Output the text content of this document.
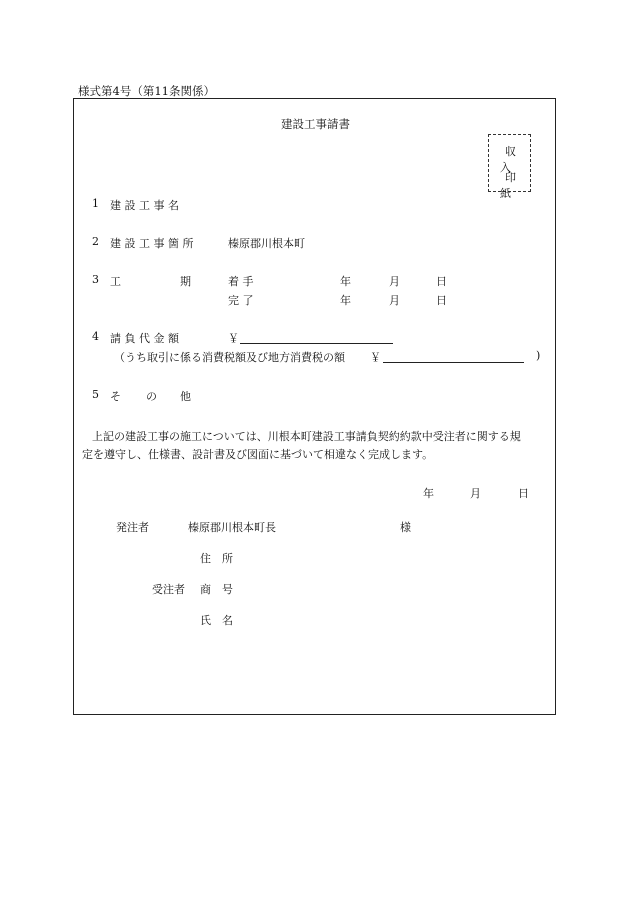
様式第4号（第11条関係）
建設工事請書
収入
印紙
1 建 設 工 事 名
2 建 設 工 事 箇 所	榛原郡川根本町
3 工	期	着 手	年	月	日
完 了	年	月	日
4 請 負 代 金 額	￥
（うち取引に係る消費税額及び地方消費税の額 ￥	)
5 そ の 他
上記の建設工事の施工については、川根本町建設工事請負契約約款中受注者に関する規
定を遵守し、仕様書、設計書及び図面に基づいて相違なく完成します。
年	月	日
発注者	榛原郡川根本町長	様
住　所
受注者 商　号
氏　名
